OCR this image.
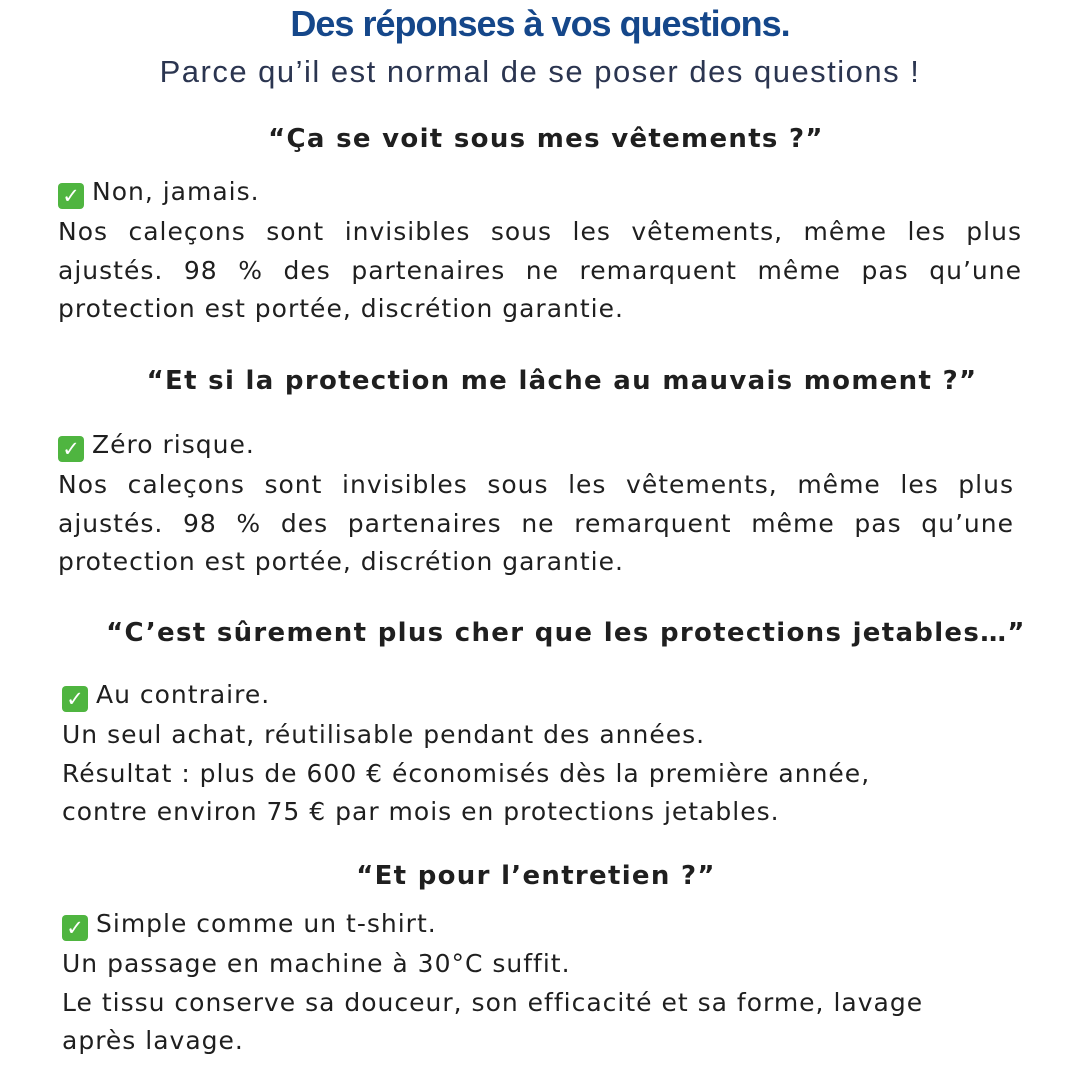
Des réponses à vos questions.
Parce qu’il est normal de se poser des questions !
“Ça se voit sous mes vêtements ?”
✓ Non, jamais.
Nos caleçons sont invisibles sous les vêtements, même les plus
ajustés. 98 % des partenaires ne remarquent même pas qu’une
protection est portée, discrétion garantie.
“Et si la protection me lâche au mauvais moment ?”
✓ Zéro risque.
Nos caleçons sont invisibles sous les vêtements, même les plus
ajustés. 98 % des partenaires ne remarquent même pas qu’une
protection est portée, discrétion garantie.
“C’est sûrement plus cher que les protections jetables…”
✓ Au contraire.
Un seul achat, réutilisable pendant des années.
Résultat : plus de 600 € économisés dès la première année,
contre environ 75 € par mois en protections jetables.
“Et pour l’entretien ?”
✓ Simple comme un t-shirt.
Un passage en machine à 30°C suffit.
Le tissu conserve sa douceur, son efficacité et sa forme, lavage
après lavage.
